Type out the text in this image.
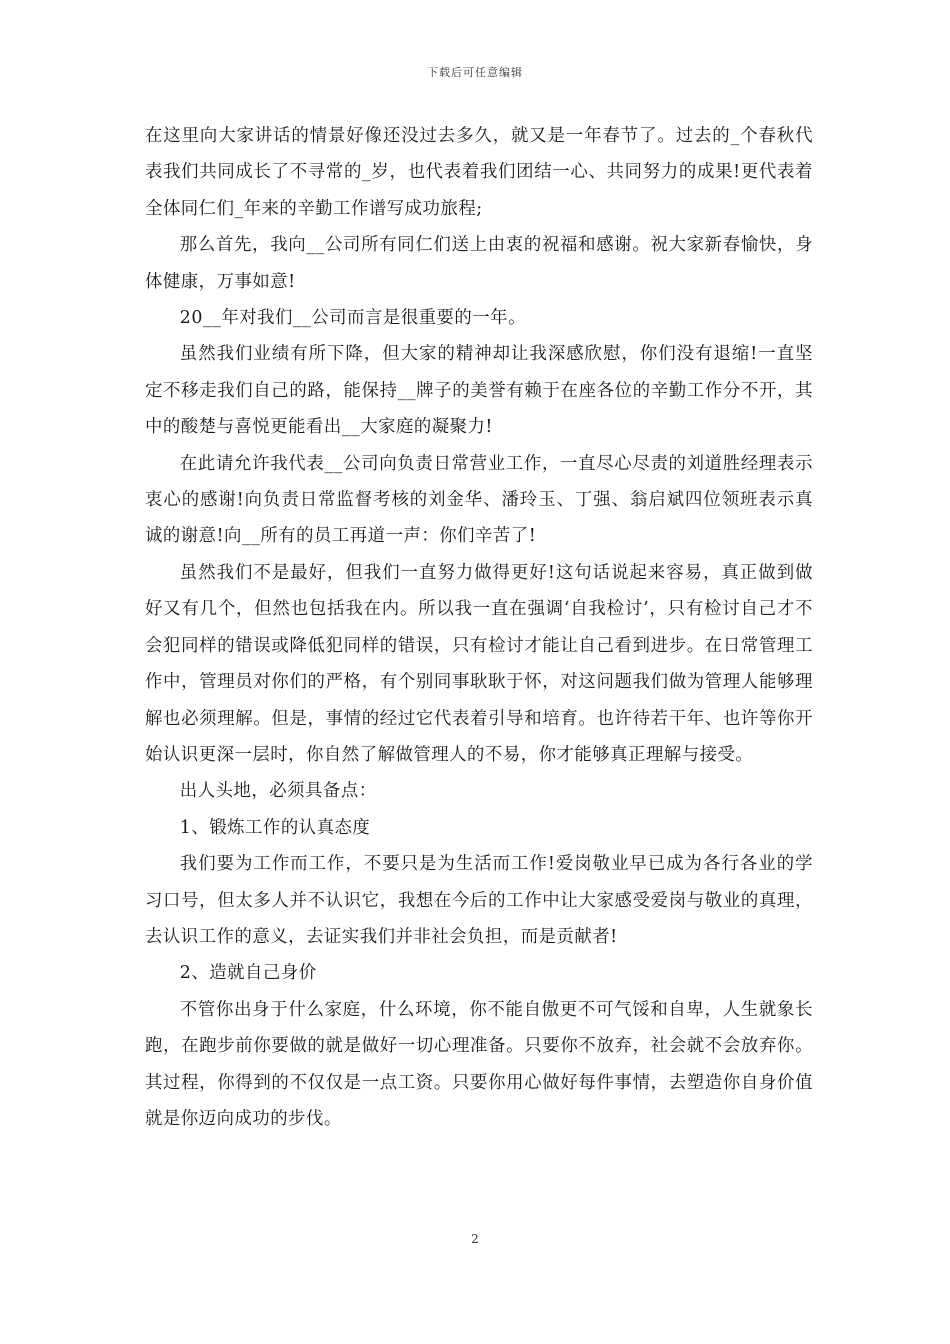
下载后可任意编辑

在这里向大家讲话的情景好像还没过去多久，就又是一年春节了。过去的_个春秋代表我们共同成长了不寻常的_岁，也代表着我们团结一心、共同努力的成果!更代表着全体同仁们_年来的辛勤工作谱写成功旅程;

那么首先，我向__公司所有同仁们送上由衷的祝福和感谢。祝大家新春愉快，身体健康，万事如意!

20__年对我们__公司而言是很重要的一年。

虽然我们业绩有所下降，但大家的精神却让我深感欣慰，你们没有退缩!一直坚定不移走我们自己的路，能保持__牌子的美誉有赖于在座各位的辛勤工作分不开，其中的酸楚与喜悦更能看出__大家庭的凝聚力!

在此请允许我代表__公司向负责日常营业工作，一直尽心尽责的刘道胜经理表示衷心的感谢!向负责日常监督考核的刘金华、潘玲玉、丁强、翁启斌四位领班表示真诚的谢意!向__所有的员工再道一声：你们辛苦了!

虽然我们不是最好，但我们一直努力做得更好!这句话说起来容易，真正做到做好又有几个，但然也包括我在内。所以我一直在强调‘自我检讨’，只有检讨自己才不会犯同样的错误或降低犯同样的错误，只有检讨才能让自己看到进步。在日常管理工作中，管理员对你们的严格，有个别同事耿耿于怀，对这问题我们做为管理人能够理解也必须理解。但是，事情的经过它代表着引导和培育。也许待若干年、也许等你开始认识更深一层时，你自然了解做管理人的不易，你才能够真正理解与接受。

出人头地，必须具备点：

1、锻炼工作的认真态度

我们要为工作而工作，不要只是为生活而工作!爱岗敬业早已成为各行各业的学习口号，但太多人并不认识它，我想在今后的工作中让大家感受爱岗与敬业的真理，去认识工作的意义，去证实我们并非社会负担，而是贡献者!

2、造就自己身价

不管你出身于什么家庭，什么环境，你不能自傲更不可气馁和自卑，人生就象长跑，在跑步前你要做的就是做好一切心理准备。只要你不放弃，社会就不会放弃你。其过程，你得到的不仅仅是一点工资。只要你用心做好每件事情，去塑造你自身价值就是你迈向成功的步伐。

2
